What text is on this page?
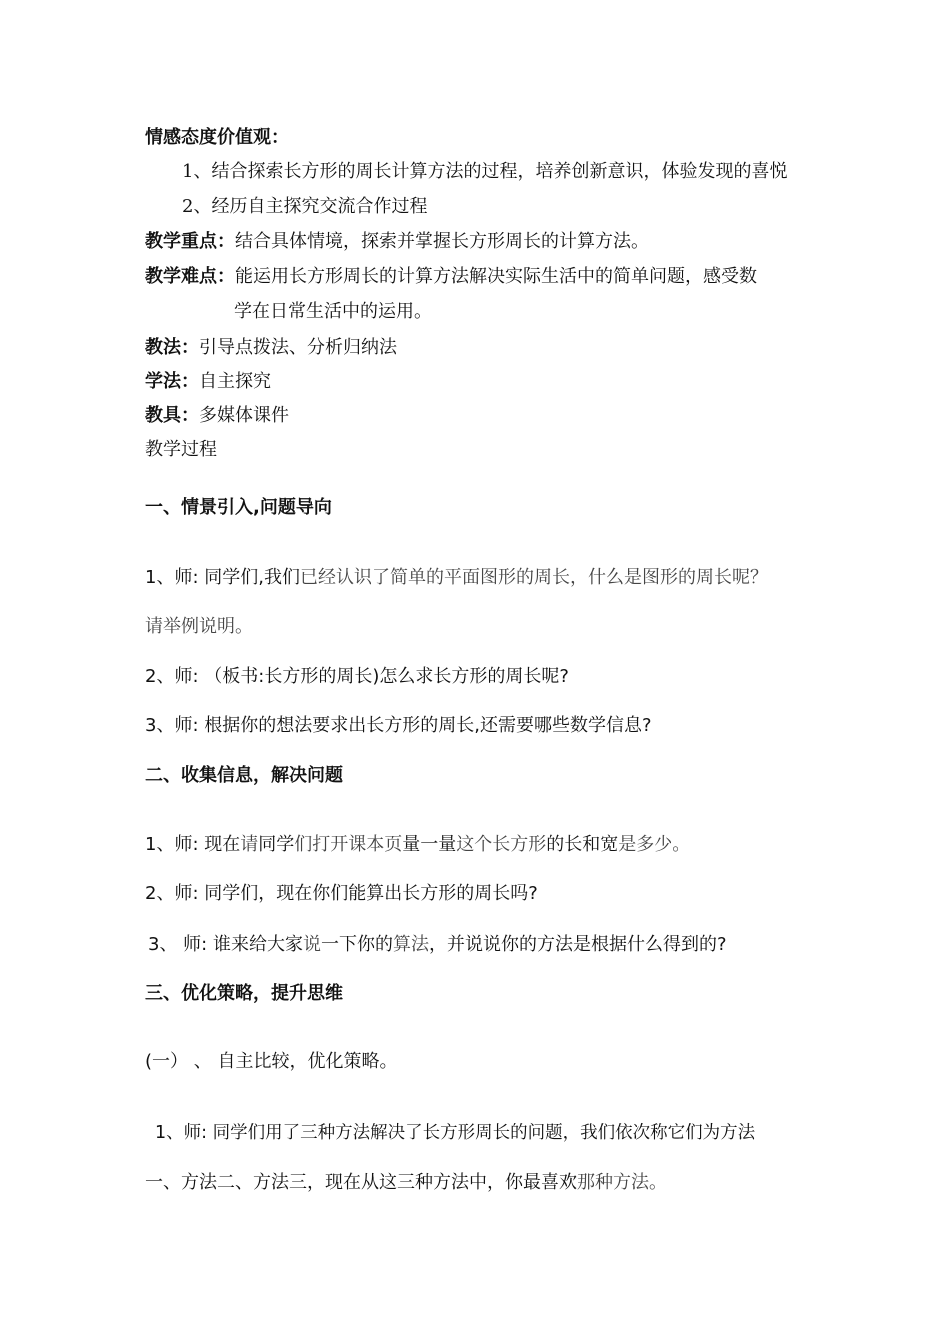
情感态度价值观：
1、结合探索长方形的周长计算方法的过程，培养创新意识，体验发现的喜悦
2、经历自主探究交流合作过程
教学重点：结合具体情境，探索并掌握长方形周长的计算方法。
教学难点：能运用长方形周长的计算方法解决实际生活中的简单问题，感受数
学在日常生活中的运用。
教法：引导点拨法、分析归纳法
学法：自主探究
教具：多媒体课件
教学过程
一、情景引入,问题导向
1、师: 同学们,我们已经认识了简单的平面图形的周长，什么是图形的周长呢？
请举例说明。
2、师: （板书:长方形的周长)怎么求长方形的周长呢?
3、师: 根据你的想法要求出长方形的周长,还需要哪些数学信息?
二、收集信息，解决问题
1、师: 现在请同学们打开课本页量一量这个长方形的长和宽是多少。
2、师: 同学们，现在你们能算出长方形的周长吗?
3、 师: 谁来给大家说一下你的算法，并说说你的方法是根据什么得到的?
三、优化策略，提升思维
(一） 、 自主比较，优化策略。
1、师: 同学们用了三种方法解决了长方形周长的问题，我们依次称它们为方法
一、方法二、方法三，现在从这三种方法中，你最喜欢那种方法。
